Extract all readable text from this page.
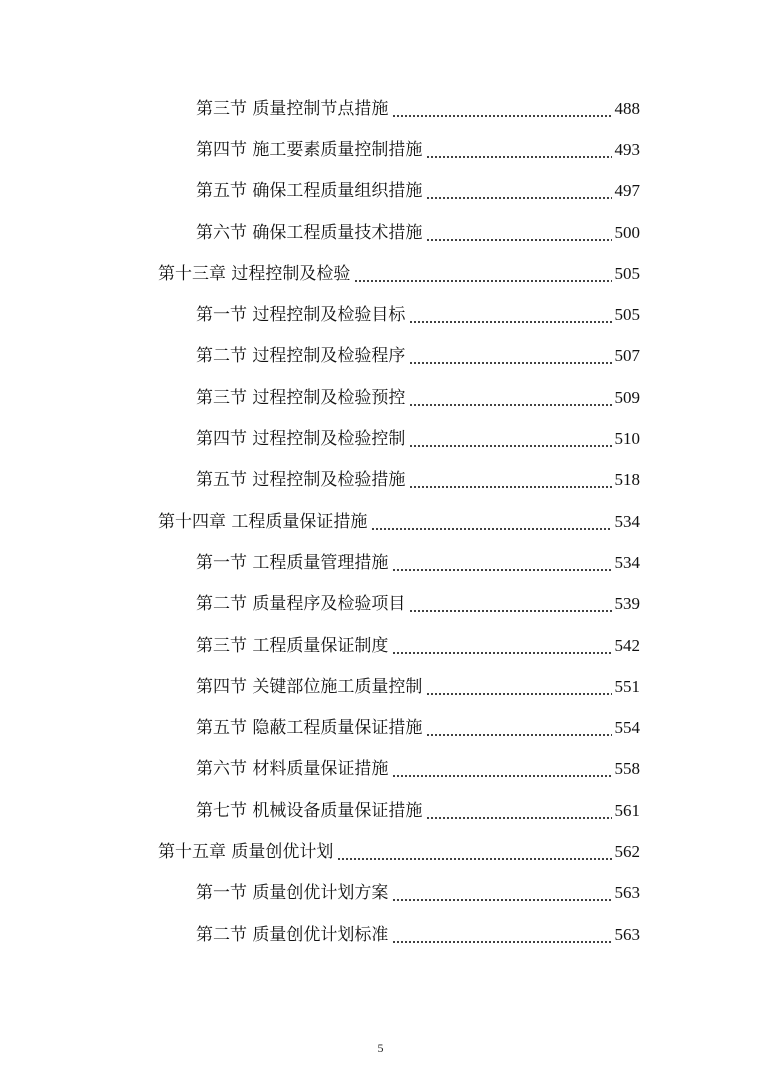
第三节 质量控制节点措施	488
第四节 施工要素质量控制措施	493
第五节 确保工程质量组织措施	497
第六节 确保工程质量技术措施	500
第十三章 过程控制及检验	505
第一节 过程控制及检验目标	505
第二节 过程控制及检验程序	507
第三节 过程控制及检验预控	509
第四节 过程控制及检验控制	510
第五节 过程控制及检验措施	518
第十四章 工程质量保证措施	534
第一节 工程质量管理措施	534
第二节 质量程序及检验项目	539
第三节 工程质量保证制度	542
第四节 关键部位施工质量控制	551
第五节 隐蔽工程质量保证措施	554
第六节 材料质量保证措施	558
第七节 机械设备质量保证措施	561
第十五章 质量创优计划	562
第一节 质量创优计划方案	563
第二节 质量创优计划标准	563
5
